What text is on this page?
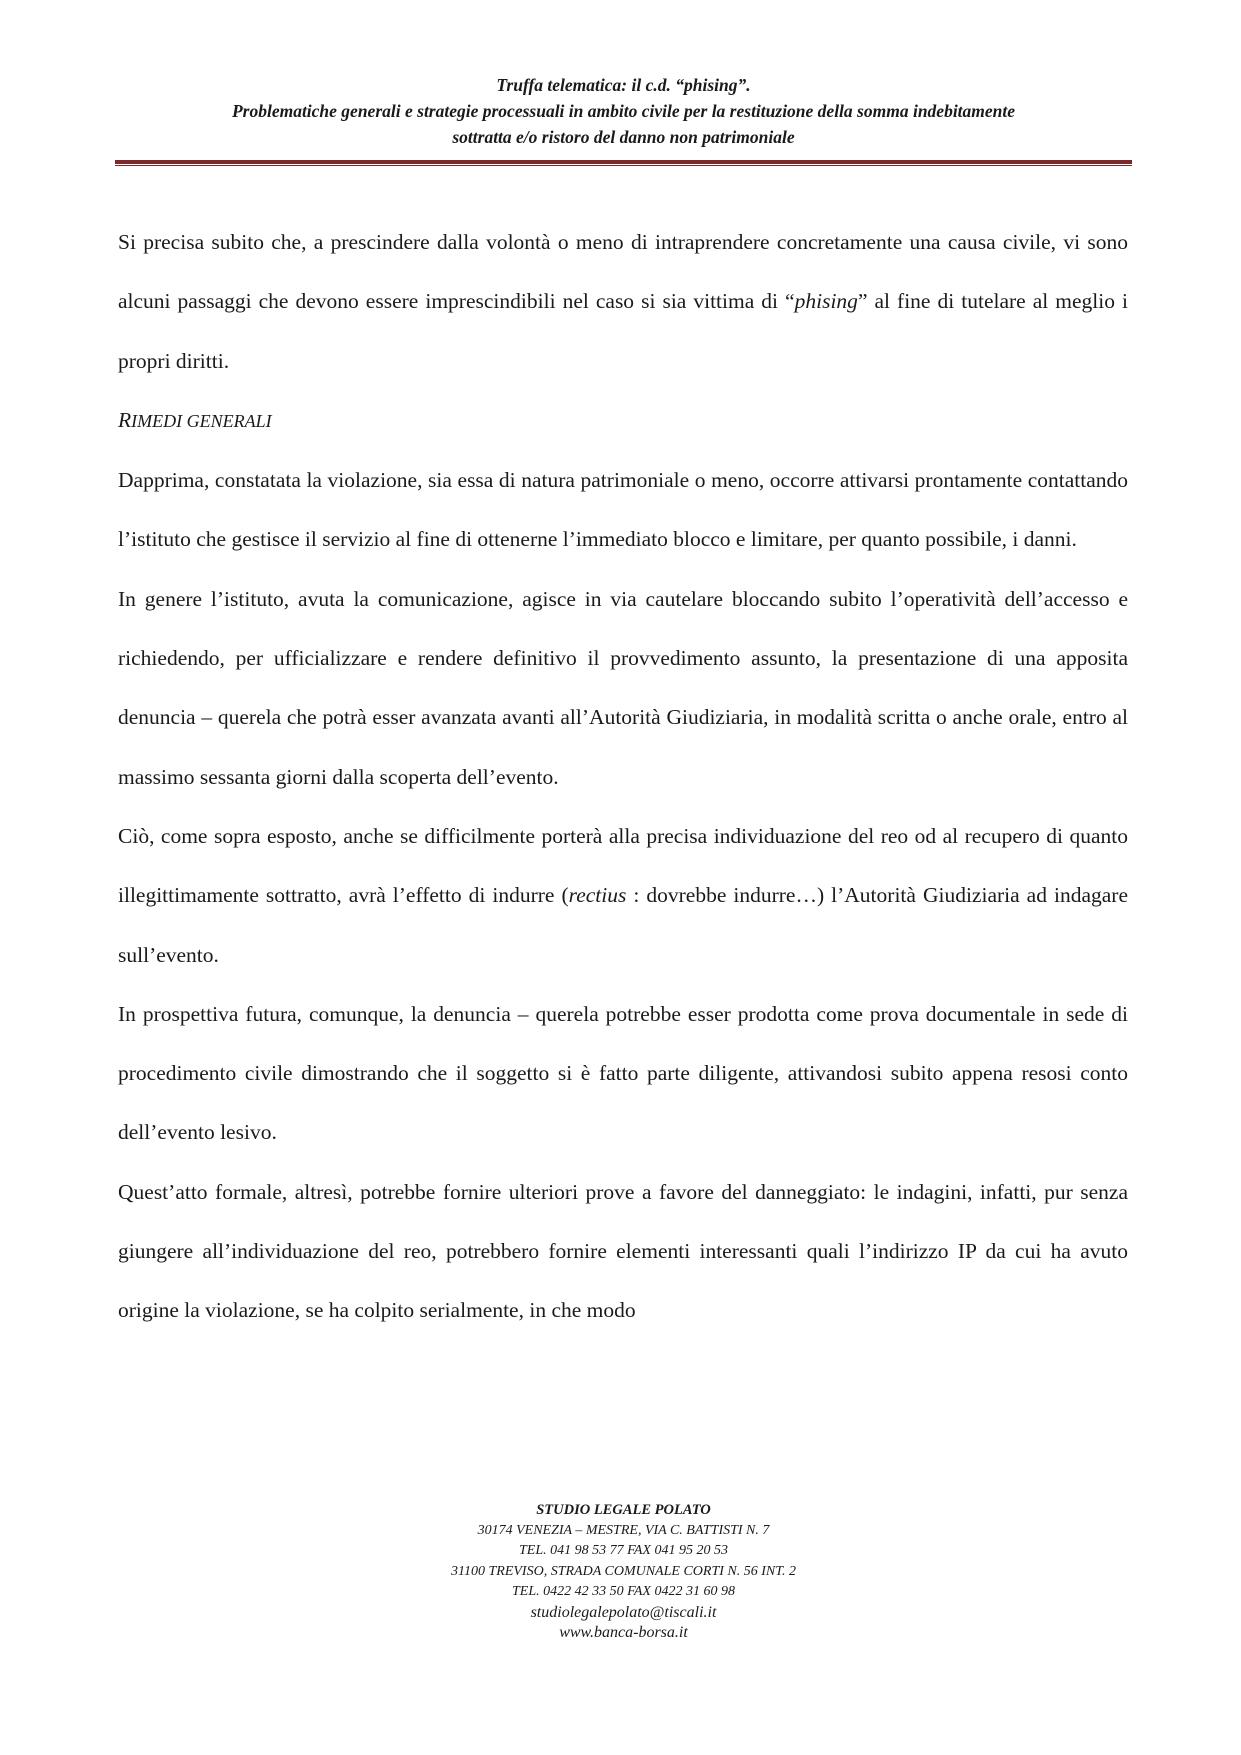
Truffa telematica: il c.d. “phising”.
Problematiche generali e strategie processuali in ambito civile per la restituzione della somma indebitamente
sottratta e/o ristoro del danno non patrimoniale

Si precisa subito che, a prescindere dalla volontà o meno di intraprendere concretamente una causa civile, vi sono alcuni passaggi che devono essere imprescindibili nel caso si sia vittima di “phising” al fine di tutelare al meglio i propri diritti.

RIMEDI GENERALI

Dapprima, constatata la violazione, sia essa di natura patrimoniale o meno, occorre attivarsi prontamente contattando l’istituto che gestisce il servizio al fine di ottenerne l’immediato blocco e limitare, per quanto possibile, i danni.

In genere l’istituto, avuta la comunicazione, agisce in via cautelare bloccando subito l’operatività dell’accesso e richiedendo, per ufficializzare e rendere definitivo il provvedimento assunto, la presentazione di una apposita denuncia – querela che potrà esser avanzata avanti all’Autorità Giudiziaria, in modalità scritta o anche orale, entro al massimo sessanta giorni dalla scoperta dell’evento.

Ciò, come sopra esposto, anche se difficilmente porterà alla precisa individuazione del reo od al recupero di quanto illegittimamente sottratto, avrà l’effetto di indurre (rectius : dovrebbe indurre…) l’Autorità Giudiziaria ad indagare sull’evento.

In prospettiva futura, comunque, la denuncia – querela potrebbe esser prodotta come prova documentale in sede di procedimento civile dimostrando che il soggetto si è fatto parte diligente, attivandosi subito appena resosi conto dell’evento lesivo.

Quest’atto formale, altresì, potrebbe fornire ulteriori prove a favore del danneggiato: le indagini, infatti, pur senza giungere all’individuazione del reo, potrebbero fornire elementi interessanti quali l’indirizzo IP da cui ha avuto origine la violazione, se ha colpito serialmente, in che modo

STUDIO LEGALE POLATO
30174 VENEZIA – MESTRE, VIA C. BATTISTI N. 7
TEL. 041 98 53 77 FAX 041 95 20 53
31100 TREVISO, STRADA COMUNALE CORTI N. 56 INT. 2
TEL. 0422 42 33 50 FAX 0422 31 60 98
studiolegalepolato@tiscali.it
www.banca-borsa.it
